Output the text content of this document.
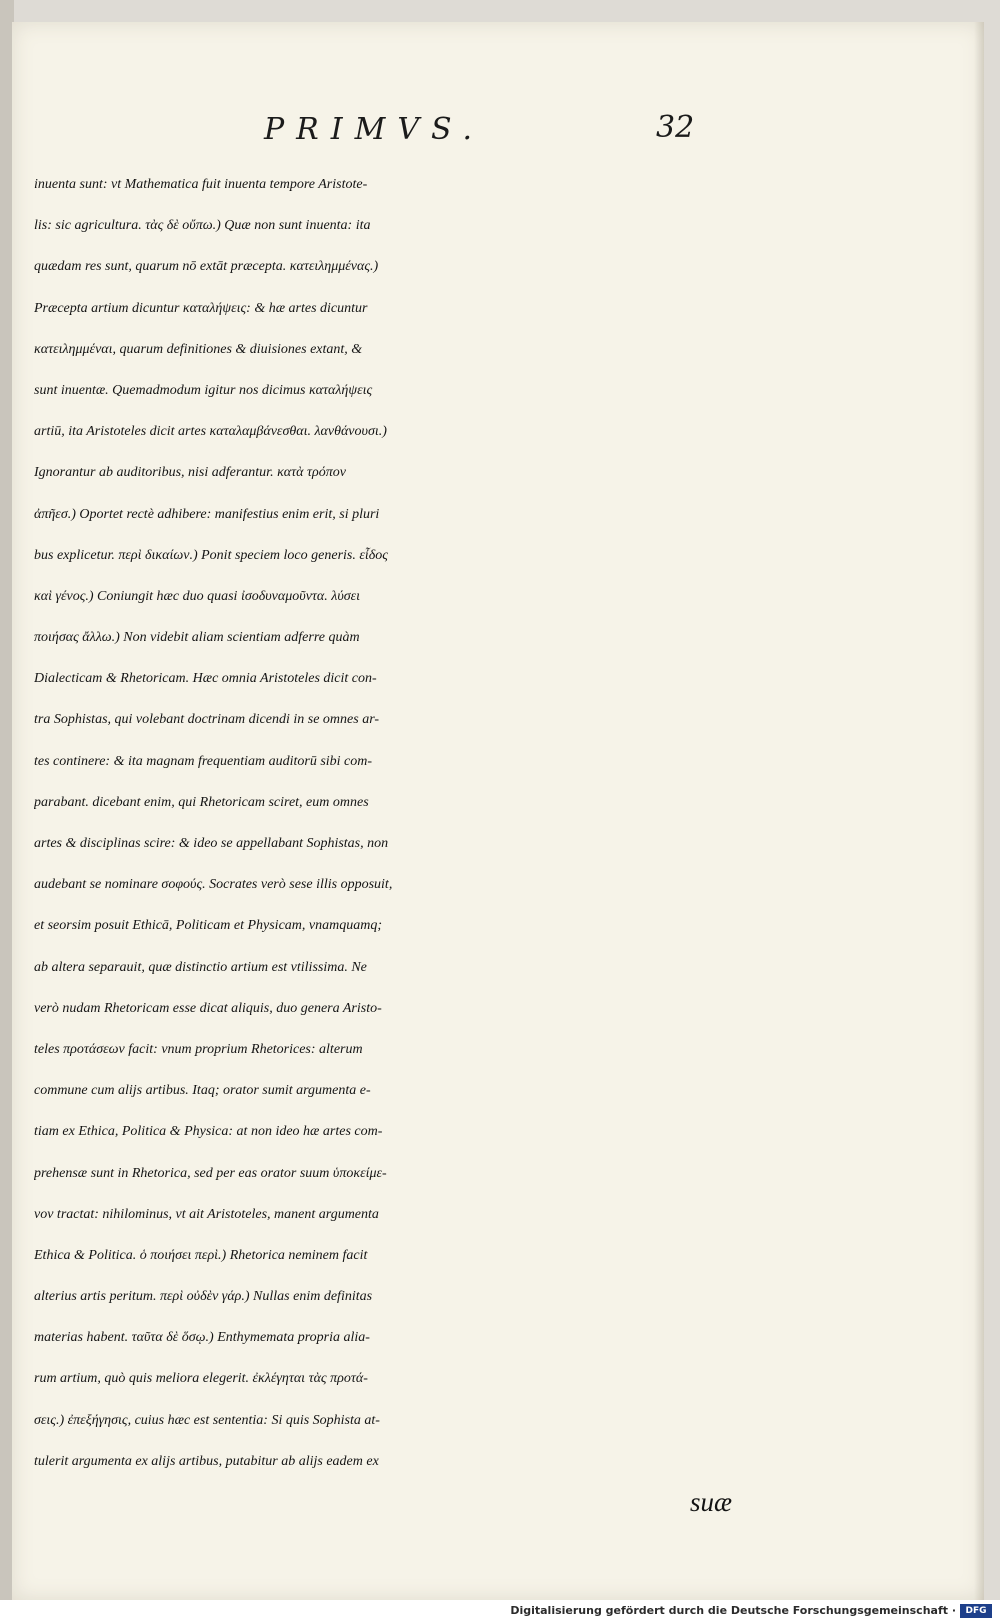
PRIMVS.	32
inuenta sunt: vt Mathematica fuit inuenta tempore Aristote-
lis: sic agricultura. τὰς δὲ οὔπω.) Quæ non sunt inuenta: ita
quædam res sunt, quarum nō extāt præcepta. κατειλημμένας.)
Præcepta artium dicuntur καταλήψεις: & hæ artes dicuntur
κατειλημμέναι, quarum definitiones & diuisiones extant, &
sunt inuentæ. Quemadmodum igitur nos dicimus καταλήψεις
artiū, ita Aristoteles dicit artes καταλαμβάνεσθαι. λανθάνουσι.)
Ignorantur ab auditoribus, nisi adferantur. κατὰ τρόπον
ἀπῆεσ.) Oportet rectè adhibere: manifestius enim erit, si pluri
bus explicetur. περὶ δικαίων.) Ponit speciem loco generis. εἶδος
καὶ γένος.) Coniungit hæc duo quasi ἰσοδυναμοῦντα. λύσει
ποιήσας ἄλλω.) Non videbit aliam scientiam adferre quàm
Dialecticam & Rhetoricam. Hæc omnia Aristoteles dicit con-
tra Sophistas, qui volebant doctrinam dicendi in se omnes ar-
tes continere: & ita magnam frequentiam auditorū sibi com-
parabant. dicebant enim, qui Rhetoricam sciret, eum omnes
artes & disciplinas scire: & ideo se appellabant Sophistas, non
audebant se nominare σοφούς. Socrates verò sese illis opposuit,
et seorsim posuit Ethicā, Politicam et Physicam, vnamquamq;
ab altera separauit, quæ distinctio artium est vtilissima. Ne
verò nudam Rhetoricam esse dicat aliquis, duo genera Aristo-
teles προτάσεων facit: vnum proprium Rhetorices: alterum
commune cum alijs artibus. Itaq; orator sumit argumenta e-
tiam ex Ethica, Politica & Physica: at non ideo hæ artes com-
prehensæ sunt in Rhetorica, sed per eas orator suum ὑποκείμε-
νον tractat: nihilominus, vt ait Aristoteles, manent argumenta
Ethica & Politica. ὁ ποιήσει περὶ.) Rhetorica neminem facit
alterius artis peritum. περὶ οὐδὲν γάρ.) Nullas enim definitas
materias habent. ταῦτα δὲ ὅσῳ.) Enthymemata propria alia-
rum artium, quò quis meliora elegerit. ἐκλέγηται τὰς προτά-
σεις.) ἐπεξήγησις, cuius hæc est sententia: Si quis Sophista at-
tulerit argumenta ex alijs artibus, putabitur ab alijs eadem ex
suæ
Digitalisierung gefördert durch die Deutsche Forschungsgemeinschaft ·	DFG
